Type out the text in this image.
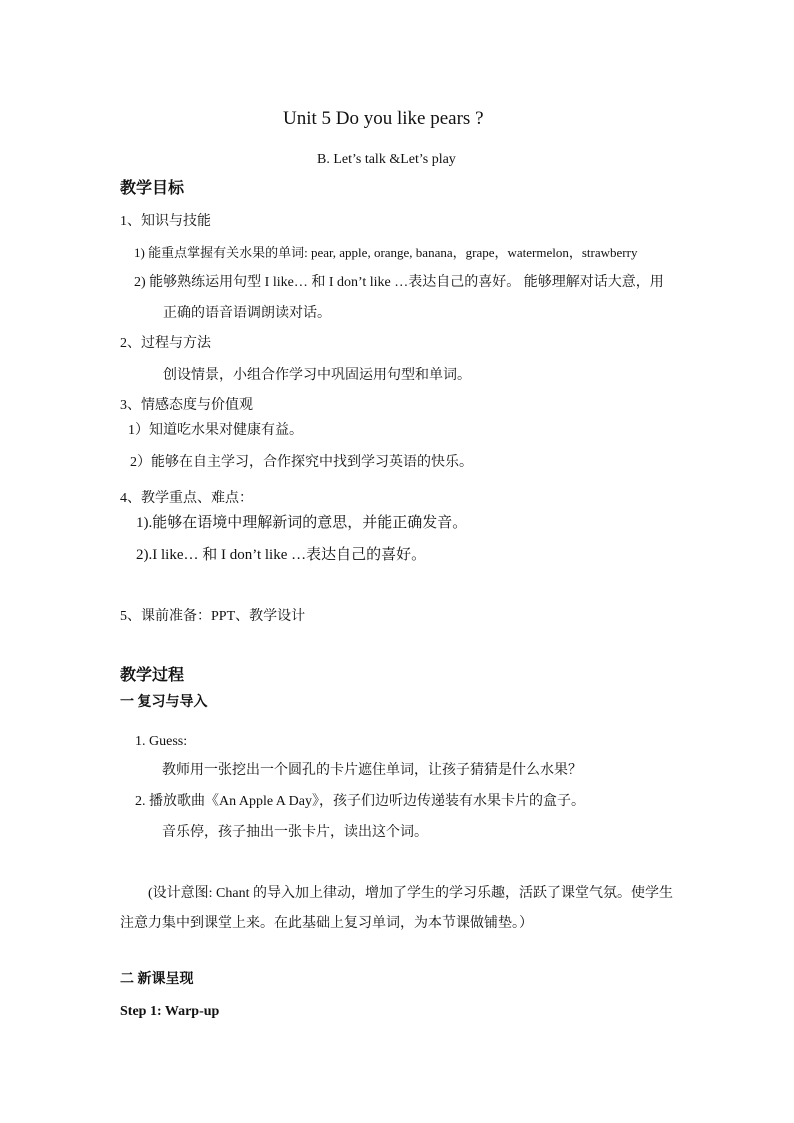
Unit 5 Do you like pears ?
B. Let’s talk &Let’s play
教学目标
1、知识与技能
1) 能重点掌握有关水果的单词: pear, apple, orange, banana，grape，watermelon，strawberry
2) 能够熟练运用句型 I like… 和 I don’t like …表达自己的喜好。 能够理解对话大意，用
正确的语音语调朗读对话。
2、过程与方法
创设情景，小组合作学习中巩固运用句型和单词。
3、情感态度与价值观
1）知道吃水果对健康有益。
2）能够在自主学习，合作探究中找到学习英语的快乐。
4、教学重点、难点：
1).能够在语境中理解新词的意思，并能正确发音。
2).I like… 和 I don’t like …表达自己的喜好。
5、课前准备：PPT、教学设计
教学过程
一 复习与导入
1. Guess:
教师用一张挖出一个圆孔的卡片遮住单词，让孩子猜猜是什么水果？
2. 播放歌曲《An Apple A Day》，孩子们边听边传递装有水果卡片的盒子。
音乐停，孩子抽出一张卡片，读出这个词。
(设计意图: Chant 的导入加上律动，增加了学生的学习乐趣，活跃了课堂气氛。使学生
注意力集中到课堂上来。在此基础上复习单词，为本节课做铺垫。）
二 新课呈现
Step 1: Warp-up
